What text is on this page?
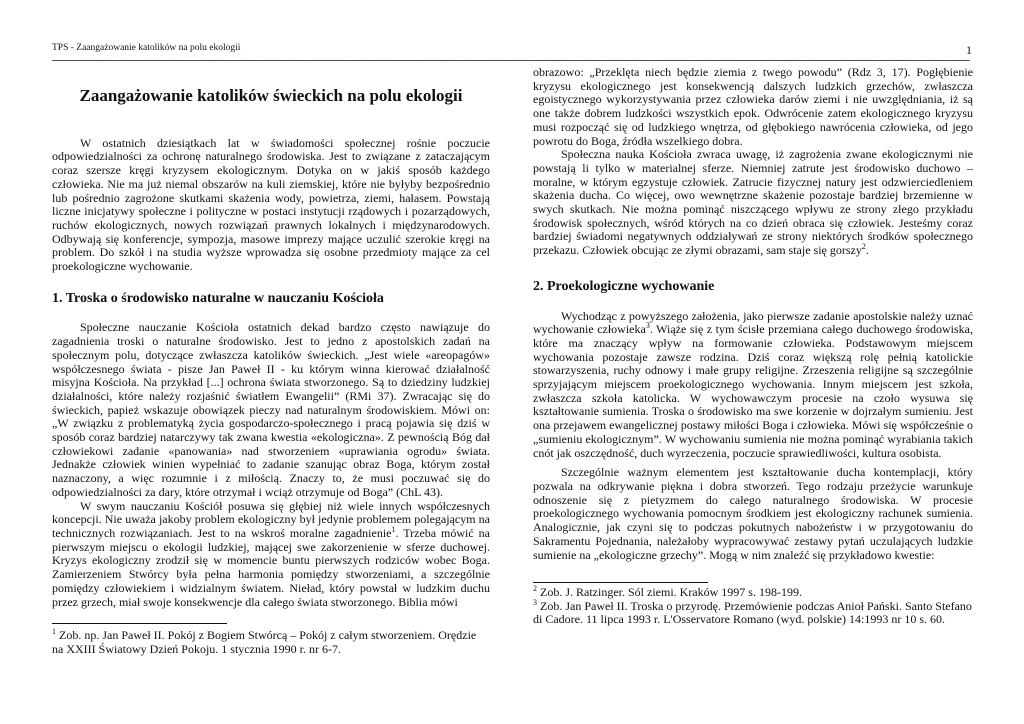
TPS - Zaangażowanie katolików na polu ekologii	1
------------------------------------------------------------------------------------------------------------------------------------------------------------------------------------------------------------------------------------------------------------------------------------------------------------------------------------------------
Zaangażowanie katolików świeckich na polu ekologii

W ostatnich dziesiątkach lat w świadomości społecznej rośnie poczucie odpowiedzialności za ochronę naturalnego środowiska. Jest to związane z zataczającym coraz szersze kręgi kryzysem ekologicznym. Dotyka on w jakiś sposób każdego człowieka. Nie ma już niemal obszarów na kuli ziemskiej, które nie byłyby bezpośrednio lub pośrednio zagrożone skutkami skażenia wody, powietrza, ziemi, hałasem. Powstają liczne inicjatywy społeczne i polityczne w postaci instytucji rządowych i pozarządowych, ruchów ekologicznych, nowych rozwiązań prawnych lokalnych i międzynarodowych. Odbywają się konferencje, sympozja, masowe imprezy mające uczulić szerokie kręgi na problem. Do szkół i na studia wyższe wprowadza się osobne przedmioty mające za cel proekologiczne wychowanie.

1. Troska o środowisko naturalne w nauczaniu Kościoła

Społeczne nauczanie Kościoła ostatnich dekad bardzo często nawiązuje do zagadnienia troski o naturalne środowisko. Jest to jedno z apostolskich zadań na społecznym polu, dotyczące zwłaszcza katolików świeckich. „Jest wiele «areopagów» współczesnego świata - pisze Jan Paweł II - ku którym winna kierować działalność misyjna Kościoła. Na przykład [...] ochrona świata stworzonego. Są to dziedziny ludzkiej działalności, które należy rozjaśnić światłem Ewangelii” (RMi 37). Zwracając się do świeckich, papież wskazuje obowiązek pieczy nad naturalnym środowiskiem. Mówi on: „W związku z problematyką życia gospodarczo-społecznego i pracą pojawia się dziś w sposób coraz bardziej natarczywy tak zwana kwestia «ekologiczna». Z pewnością Bóg dał człowiekowi zadanie «panowania» nad stworzeniem «uprawiania ogrodu» świata. Jednakże człowiek winien wypełniać to zadanie szanując obraz Boga, którym został naznaczony, a więc rozumnie i z miłością. Znaczy to, że musi poczuwać się do odpowiedzialności za dary, które otrzymał i wciąż otrzymuje od Boga” (ChL 43).

W swym nauczaniu Kościół posuwa się głębiej niż wiele innych współczesnych koncepcji. Nie uważa jakoby problem ekologiczny był jedynie problemem polegającym na technicznych rozwiązaniach. Jest to na wskroś moralne zagadnienie$^1$. Trzeba mówić na pierwszym miejscu o ekologii ludzkiej, mającej swe zakorzenienie w sferze duchowej. Kryzys ekologiczny zrodził się w momencie buntu pierwszych rodziców wobec Boga. Zamierzeniem Stwórcy była pełna harmonia pomiędzy stworzeniami, a szczególnie pomiędzy człowiekiem i widzialnym światem. Nieład, który powstał w ludzkim duchu przez grzech, miał swoje konsekwencje dla całego świata stworzonego. Biblia mówi

$^1$ Zob. np. Jan Paweł II. Pokój z Bogiem Stwórcą – Pokój z całym stworzeniem. Orędzie na XXIII Światowy Dzień Pokoju. 1 stycznia 1990 r. nr 6-7.

obrazowo: „Przeklęta niech będzie ziemia z twego powodu” (Rdz 3, 17). Pogłębienie kryzysu ekologicznego jest konsekwencją dalszych ludzkich grzechów, zwłaszcza egoistycznego wykorzystywania przez człowieka darów ziemi i nie uwzględniania, iż są one także dobrem ludzkości wszystkich epok. Odwrócenie zatem ekologicznego kryzysu musi rozpocząć się od ludzkiego wnętrza, od głębokiego nawrócenia człowieka, od jego powrotu do Boga, źródła wszelkiego dobra.

Społeczna nauka Kościoła zwraca uwagę, iż zagrożenia zwane ekologicznymi nie powstają li tylko w materialnej sferze. Niemniej zatrute jest środowisko duchowo – moralne, w którym egzystuje człowiek. Zatrucie fizycznej natury jest odzwierciedleniem skażenia ducha. Co więcej, owo wewnętrzne skażenie pozostaje bardziej brzemienne w swych skutkach. Nie można pominąć niszczącego wpływu ze strony złego przykładu środowisk społecznych, wśród których na co dzień obraca się człowiek. Jesteśmy coraz bardziej świadomi negatywnych oddziaływań ze strony niektórych środków społecznego przekazu. Człowiek obcując ze złymi obrazami, sam staje się gorszy$^2$.

2. Proekologiczne wychowanie

Wychodząc z powyższego założenia, jako pierwsze zadanie apostolskie należy uznać wychowanie człowieka$^3$. Wiąże się z tym ścisłe przemiana całego duchowego środowiska, które ma znaczący wpływ na formowanie człowieka. Podstawowym miejscem wychowania pozostaje zawsze rodzina. Dziś coraz większą rolę pełnią katolickie stowarzyszenia, ruchy odnowy i małe grupy religijne. Zrzeszenia religijne są szczególnie sprzyjającym miejscem proekologicznego wychowania. Innym miejscem jest szkoła, zwłaszcza szkoła katolicka. W wychowawczym procesie na czoło wysuwa się kształtowanie sumienia. Troska o środowisko ma swe korzenie w dojrzałym sumieniu. Jest ona przejawem ewangelicznej postawy miłości Boga i człowieka. Mówi się współcześnie o „sumieniu ekologicznym”. W wychowaniu sumienia nie można pominąć wyrabiania takich cnót jak oszczędność, duch wyrzeczenia, poczucie sprawiedliwości, kultura osobista.

Szczególnie ważnym elementem jest kształtowanie ducha kontemplacji, który pozwala na odkrywanie piękna i dobra stworzeń. Tego rodzaju przeżycie warunkuje odnoszenie się z pietyzmem do całego naturalnego środowiska. W procesie proekologicznego wychowania pomocnym środkiem jest ekologiczny rachunek sumienia. Analogicznie, jak czyni się to podczas pokutnych nabożeństw i w przygotowaniu do Sakramentu Pojednania, należałoby wypracowywać zestawy pytań uczulających ludzkie sumienie na „ekologiczne grzechy”. Mogą w nim znaleźć się przykładowo kwestie:

$^2$ Zob. J. Ratzinger. Sól ziemi. Kraków 1997 s. 198-199.

$^3$ Zob. Jan Paweł II. Troska o przyrodę. Przemówienie podczas Anioł Pański. Santo Stefano di Cadore. 11 lipca 1993 r. L'Osservatore Romano (wyd. polskie) 14:1993 nr 10 s. 60.
